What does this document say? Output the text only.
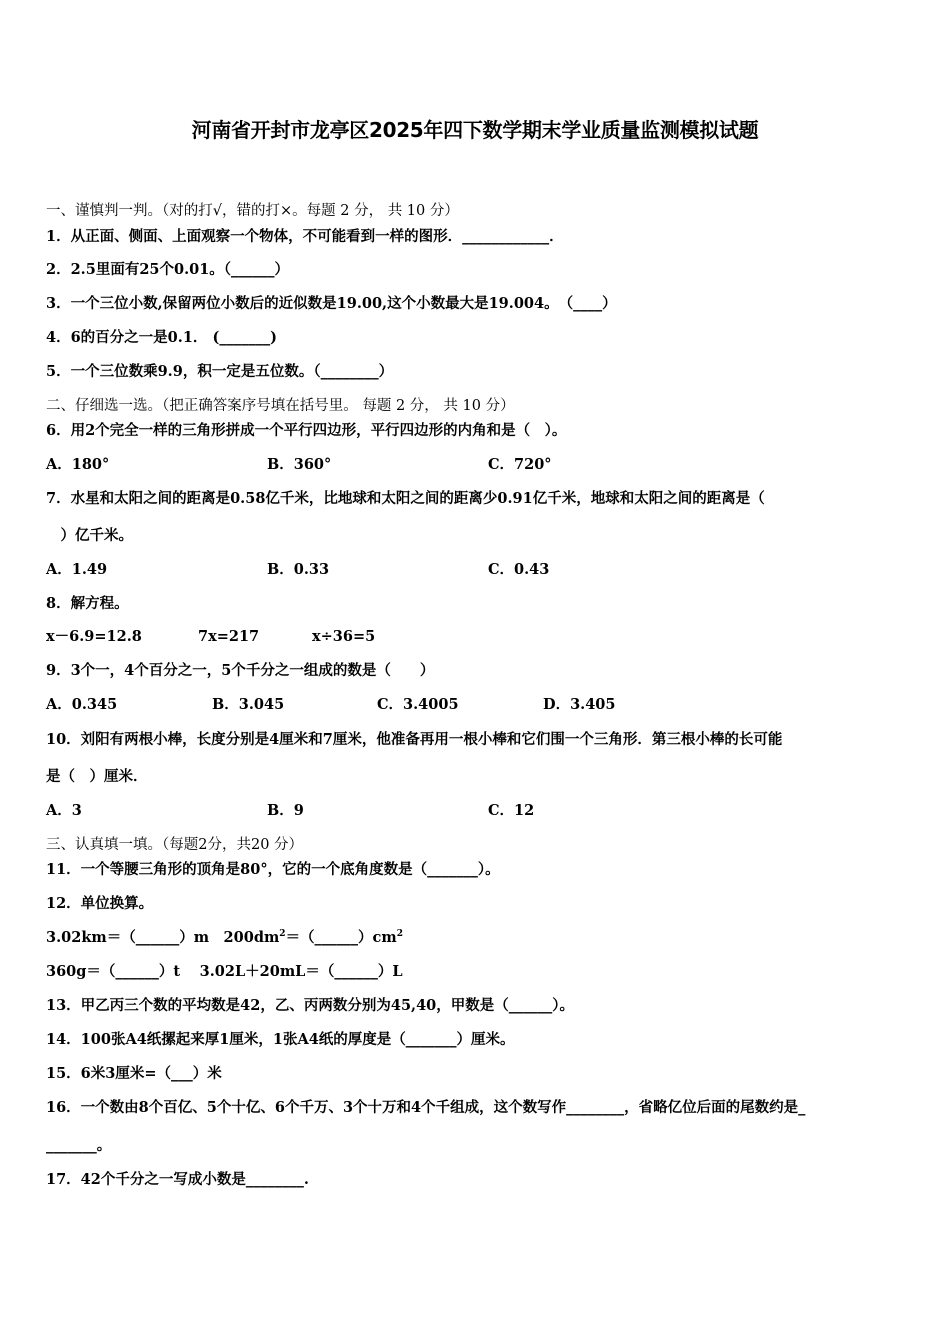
河南省开封市龙亭区2025年四下数学期末学业质量监测模拟试题
一、谨慎判一判。（对的打√，错的打×。每题 2 分， 共 10 分）
1．从正面、侧面、上面观察一个物体，不可能看到一样的图形．____________．
2．2.5里面有25个0.01。（______）
3．一个三位小数,保留两位小数后的近似数是19.00,这个小数最大是19.004。　（____）
4．6的百分之一是0.1． (_______)
5．一个三位数乘9.9，积一定是五位数。（________）
二、仔细选一选。（把正确答案序号填在括号里。 每题 2 分， 共 10 分）
6．用2个完全一样的三角形拼成一个平行四边形，平行四边形的内角和是（　）。
A．180°	B．360°	C．720°
7．水星和太阳之间的距离是0.58亿千米，比地球和太阳之间的距离少0.91亿千米，地球和太阳之间的距离是（
　）亿千米。
A．1.49	B．0.33	C．0.43
8．解方程。
x－6.9=12.8	7x=217	x÷36=5
9．3个一，4个百分之一，5个千分之一组成的数是（　　）
A．0.345	B．3.045	C．3.4005	D．3.405
10．刘阳有两根小棒，长度分别是4厘米和7厘米，他准备再用一根小棒和它们围一个三角形．第三根小棒的长可能
是（　）厘米．
A．3	B．9	C．12
三、认真填一填。（每题2分，共20 分）
11．一个等腰三角形的顶角是80°，它的一个底角度数是（_______）。
12．单位换算。
3.02km＝（______）m　$200dm^2=(\_\_\_\_\_\_)cm^2$
360g＝（______）t　 3.02L＋20mL＝（______）L
13．甲乙丙三个数的平均数是42，乙、丙两数分别为45,40，甲数是（______）。
14．100张A4纸摞起来厚1厘米，1张A4纸的厚度是（_______）厘米。
15．6米3厘米=（___）米
16．一个数由8个百亿、5个十亿、6个千万、3个十万和4个千组成，这个数写作________，省略亿位后面的尾数约是_
_______。
17．42个千分之一写成小数是________.
